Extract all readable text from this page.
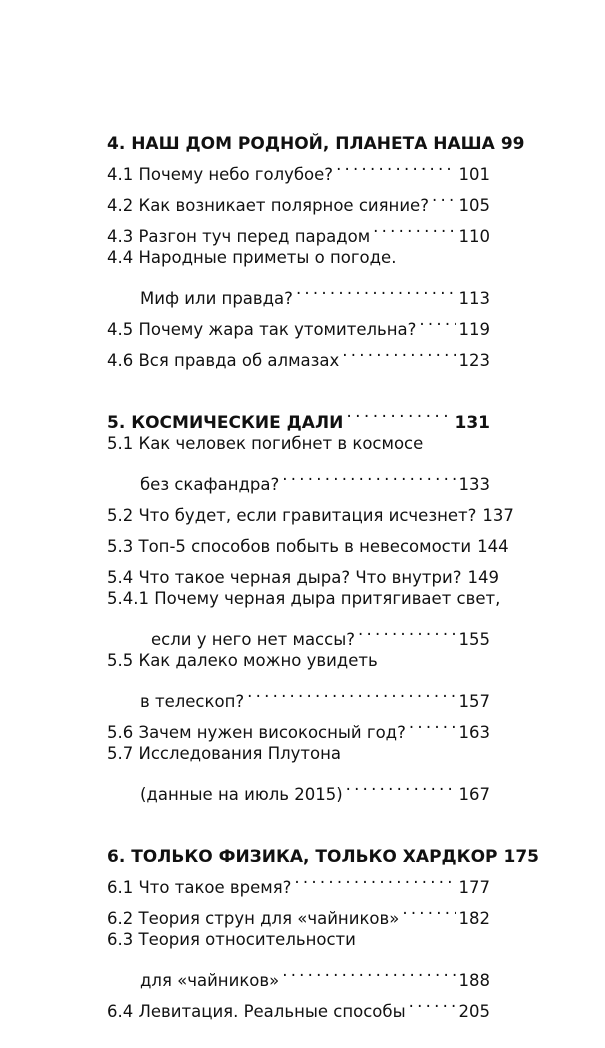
4. НАШ ДОМ РОДНОЙ, ПЛАНЕТА НАША 99
4.1 Почему небо голубое? . . .	101
4.2 Как возникает полярное сияние? . . . 105
4.3 Разгон туч перед парадом . . .	110
4.4 Народные приметы о погоде.
Миф или правда? . . .	113
4.5 Почему жара так утомительна? . . .	119
4.6 Вся правда об алмазах . . .	123
5. КОСМИЧЕСКИЕ ДАЛИ . . .	131
5.1 Как человек погибнет в космосе
без скафандра? . . .	133
5.2 Что будет, если гравитация исчезнет? 137
5.3 Топ-5 способов побыть в невесомости 144
5.4 Что такое черная дыра? Что внутри? 149
5.4.1 Почему черная дыра притягивает свет,
если у него нет массы? . . .	155
5.5 Как далеко можно увидеть
в телескоп? . . .	157
5.6 Зачем нужен високосный год? . . .	163
5.7 Исследования Плутона
(данные на июль 2015) . . .	167
6. ТОЛЬКО ФИЗИКА, ТОЛЬКО ХАРДКОР 175
6.1 Что такое время? . . .	177
6.2 Теория струн для «чайников» . . .	182
6.3 Теория относительности
для «чайников» . . .	188
6.4 Левитация. Реальные способы . . .	205
